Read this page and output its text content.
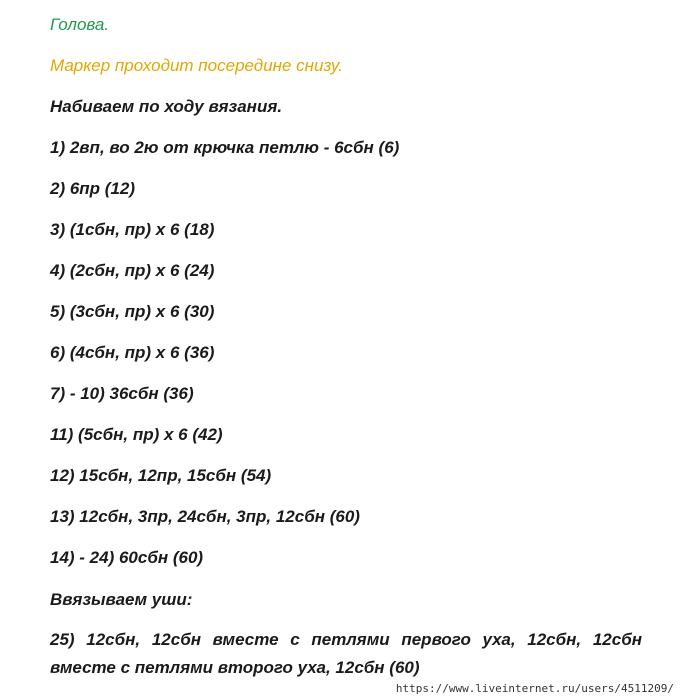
Голова.
Маркер проходит посередине снизу.
Набиваем по ходу вязания.
1) 2вп, во 2ю от крючка петлю - 6сбн (6)
2) 6пр (12)
3) (1сбн, пр) х 6 (18)
4) (2сбн, пр) х 6 (24)
5) (3сбн, пр) х 6 (30)
6) (4сбн, пр) х 6 (36)
7) - 10) 36сбн (36)
11) (5сбн, пр) х 6 (42)
12) 15сбн, 12пр, 15сбн (54)
13) 12сбн, 3пр, 24сбн, 3пр, 12сбн (60)
14) - 24) 60сбн (60)
Ввязываем уши:
25) 12сбн, 12сбн вместе с петлями первого уха, 12сбн, 12сбн вместе с петлями второго уха, 12сбн (60)
https://www.liveinternet.ru/users/4511209/
